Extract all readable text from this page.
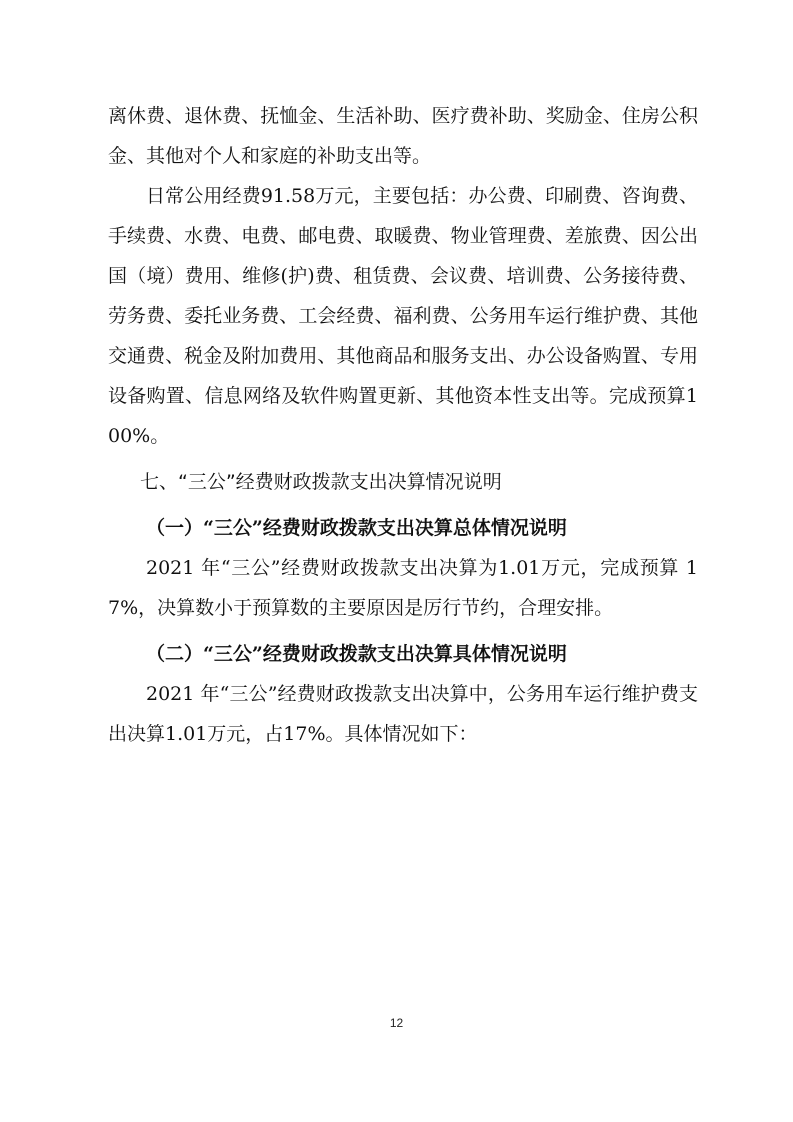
离休费、退休费、抚恤金、生活补助、医疗费补助、奖励金、住房公积金、其他对个人和家庭的补助支出等。

日常公用经费91.58万元，主要包括：办公费、印刷费、咨询费、手续费、水费、电费、邮电费、取暖费、物业管理费、差旅费、因公出国（境）费用、维修(护)费、租赁费、会议费、培训费、公务接待费、劳务费、委托业务费、工会经费、福利费、公务用车运行维护费、其他交通费、税金及附加费用、其他商品和服务支出、办公设备购置、专用设备购置、信息网络及软件购置更新、其他资本性支出等。完成预算100%。

七、“三公”经费财政拨款支出决算情况说明

（一）“三公”经费财政拨款支出决算总体情况说明

2021 年“三公”经费财政拨款支出决算为1.01万元，完成预算 17%，决算数小于预算数的主要原因是厉行节约，合理安排。

（二）“三公”经费财政拨款支出决算具体情况说明

2021 年“三公”经费财政拨款支出决算中，公务用车运行维护费支出决算1.01万元，占17%。具体情况如下：

12
